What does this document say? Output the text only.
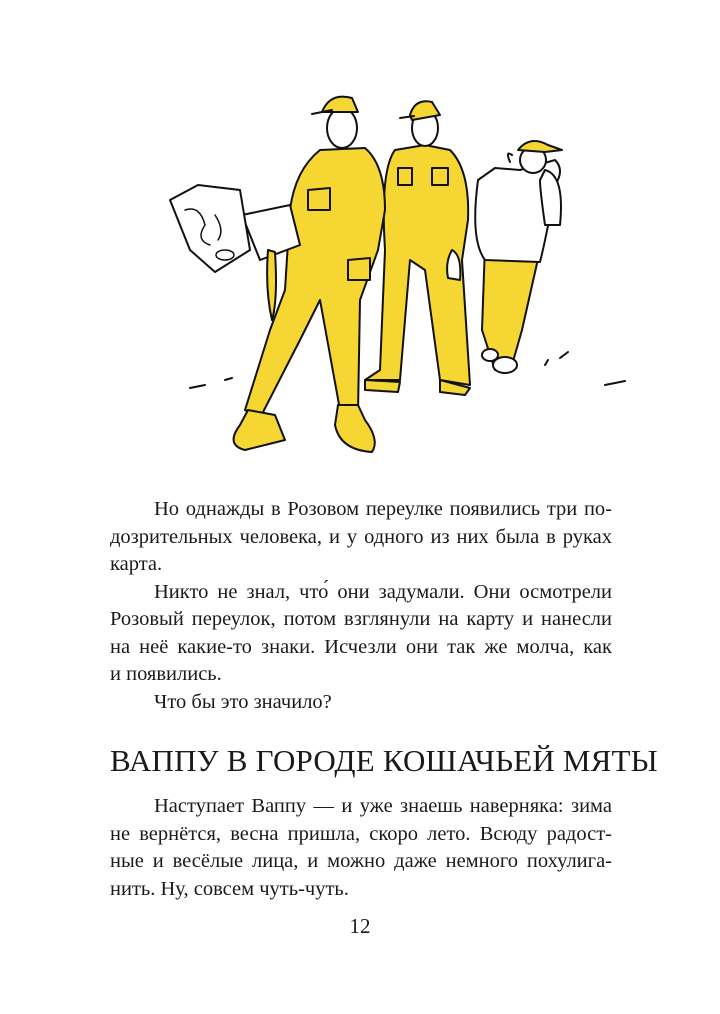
Но однажды в Розовом переулке появились три по-
дозрительных человека, и у одного из них была в руках
карта.

Никто не знал, что́ они задумали. Они осмотрели
Розовый переулок, потом взглянули на карту и нанесли
на неё какие-то знаки. Исчезли они так же молча, как
и появились.

Что бы это значило?

ВАППУ В ГОРОДЕ КОШАЧЬЕЙ МЯТЫ

Наступает Ваппу — и уже знаешь наверняка: зима
не вернётся, весна пришла, скоро лето. Всюду радост-
ные и весёлые лица, и можно даже немного похулига-
нить. Ну, совсем чуть-чуть.

12
